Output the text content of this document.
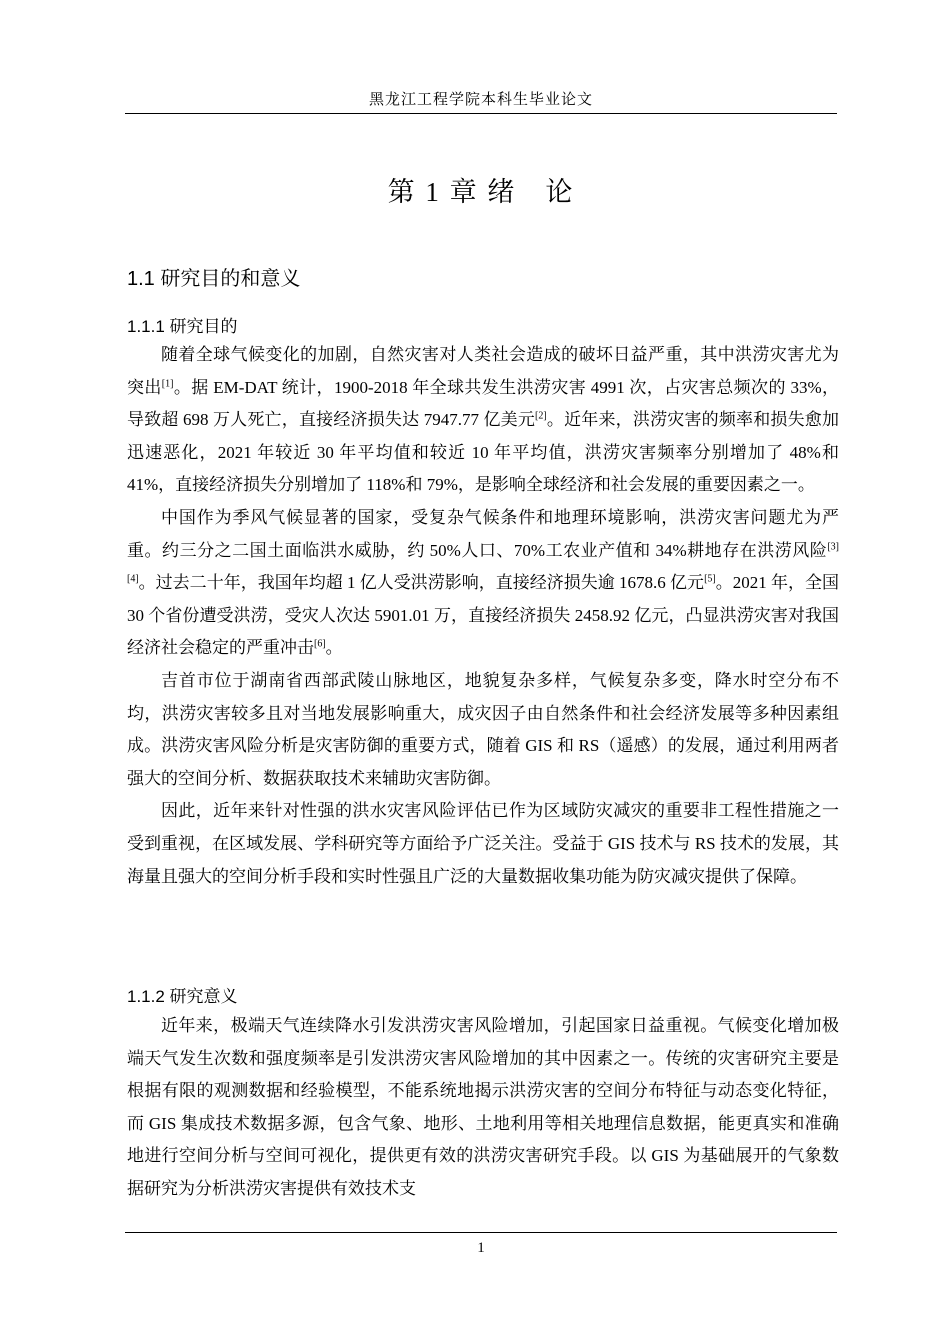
黑龙江工程学院本科生毕业论文
第 1 章 绪　论
1.1 研究目的和意义
1.1.1 研究目的

随着全球气候变化的加剧，自然灾害对人类社会造成的破坏日益严重，其中洪涝灾害尤为突出[1]。据 EM-DAT 统计，1900-2018 年全球共发生洪涝灾害 4991 次，占灾害总频次的 33%，导致超 698 万人死亡，直接经济损失达 7947.77 亿美元[2]。近年来，洪涝灾害的频率和损失愈加迅速恶化，2021 年较近 30 年平均值和较近 10 年平均值，洪涝灾害频率分别增加了 48%和 41%，直接经济损失分别增加了 118%和 79%，是影响全球经济和社会发展的重要因素之一。

中国作为季风气候显著的国家，受复杂气候条件和地理环境影响，洪涝灾害问题尤为严重。约三分之二国土面临洪水威胁，约 50%人口、70%工农业产值和 34%耕地存在洪涝风险[3][4]。过去二十年，我国年均超 1 亿人受洪涝影响，直接经济损失逾 1678.6 亿元[5]。2021 年，全国 30 个省份遭受洪涝，受灾人次达 5901.01 万，直接经济损失 2458.92 亿元，凸显洪涝灾害对我国经济社会稳定的严重冲击[6]。

吉首市位于湖南省西部武陵山脉地区，地貌复杂多样，气候复杂多变，降水时空分布不均，洪涝灾害较多且对当地发展影响重大，成灾因子由自然条件和社会经济发展等多种因素组成。洪涝灾害风险分析是灾害防御的重要方式，随着 GIS 和 RS（遥感）的发展，通过利用两者强大的空间分析、数据获取技术来辅助灾害防御。

因此，近年来针对性强的洪水灾害风险评估已作为区域防灾减灾的重要非工程性措施之一受到重视，在区域发展、学科研究等方面给予广泛关注。受益于 GIS 技术与 RS 技术的发展，其海量且强大的空间分析手段和实时性强且广泛的大量数据收集功能为防灾减灾提供了保障。

1.1.2 研究意义

近年来，极端天气连续降水引发洪涝灾害风险增加，引起国家日益重视。气候变化增加极端天气发生次数和强度频率是引发洪涝灾害风险增加的其中因素之一。传统的灾害研究主要是根据有限的观测数据和经验模型，不能系统地揭示洪涝灾害的空间分布特征与动态变化特征，而 GIS 集成技术数据多源，包含气象、地形、土地利用等相关地理信息数据，能更真实和准确地进行空间分析与空间可视化，提供更有效的洪涝灾害研究手段。以 GIS 为基础展开的气象数据研究为分析洪涝灾害提供有效技术支

1
